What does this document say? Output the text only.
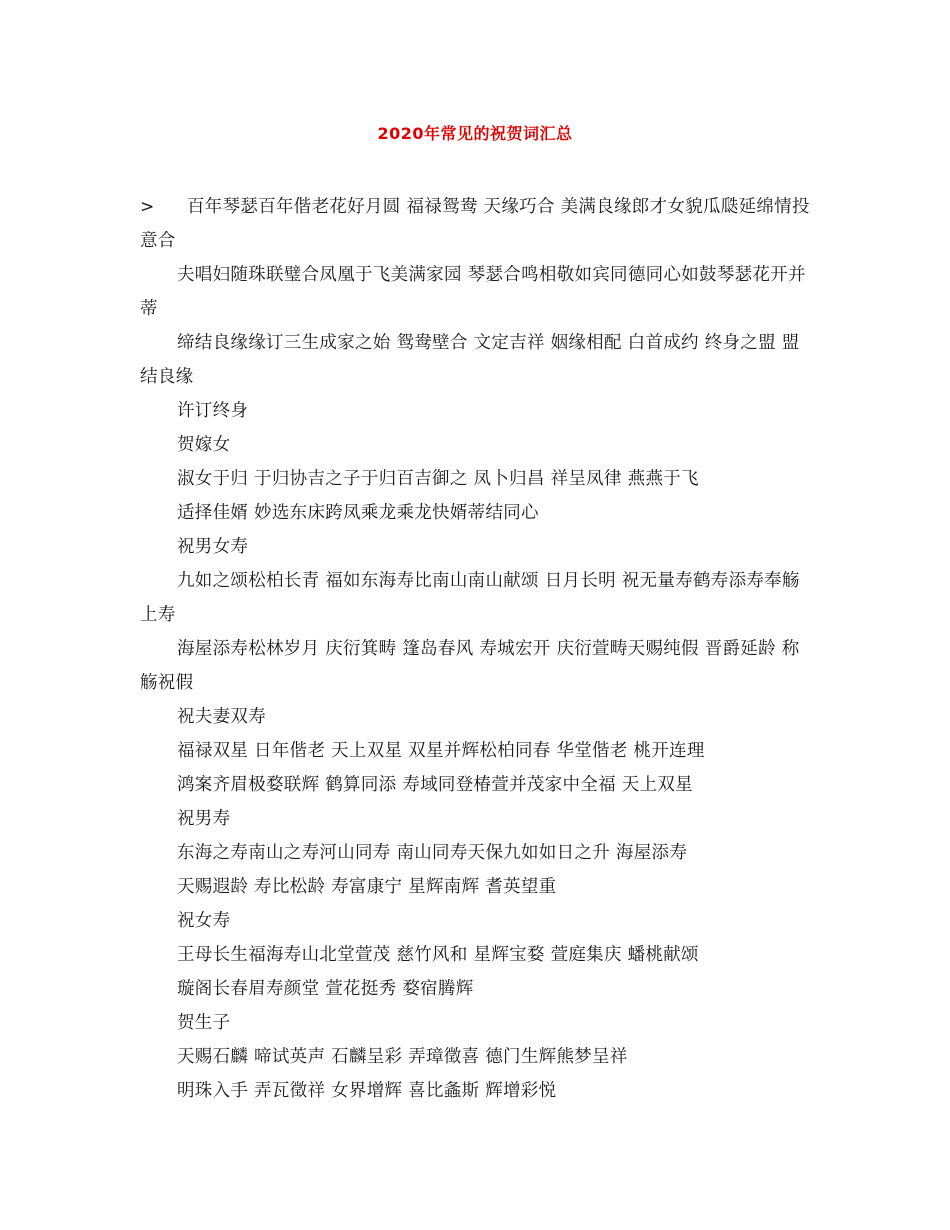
2020年常见的祝贺词汇总
> 百年琴瑟百年偕老花好月圆 福禄鸳鸯 天缘巧合 美满良缘郎才女貌瓜瓞延绵情投意合
夫唱妇随珠联璧合凤凰于飞美满家园 琴瑟合鸣相敬如宾同德同心如鼓琴瑟花开并蒂
缔结良缘缘订三生成家之始 鸳鸯壁合 文定吉祥 姻缘相配 白首成约 终身之盟 盟结良缘
许订终身
贺嫁女
淑女于归 于归协吉之子于归百吉御之 凤卜归昌 祥呈凤律 燕燕于飞
适择佳婿 妙选东床跨凤乘龙乘龙快婿蒂结同心
祝男女寿
九如之颂松柏长青 福如东海寿比南山南山献颂 日月长明 祝无量寿鹤寿添寿奉觞上寿
海屋添寿松林岁月 庆衍箕畴 篷岛春风 寿城宏开 庆衍萱畴天赐纯假 晋爵延龄 称觞祝假
祝夫妻双寿
福禄双星 日年偕老 天上双星 双星并辉松柏同春 华堂偕老 桃开连理
鸿案齐眉极婺联辉 鹤算同添 寿域同登椿萱并茂家中全福 天上双星
祝男寿
东海之寿南山之寿河山同寿 南山同寿天保九如如日之升 海屋添寿
天赐遐龄 寿比松龄 寿富康宁 星辉南辉 耆英望重
祝女寿
王母长生福海寿山北堂萱茂 慈竹风和 星辉宝婺 萱庭集庆 蟠桃献颂
璇阁长春眉寿颜堂 萱花挺秀 婺宿腾辉
贺生子
天赐石麟 啼试英声 石麟呈彩 弄璋徵喜 德门生辉熊梦呈祥
明珠入手 弄瓦徵祥 女界增辉 喜比螽斯 辉增彩悦
